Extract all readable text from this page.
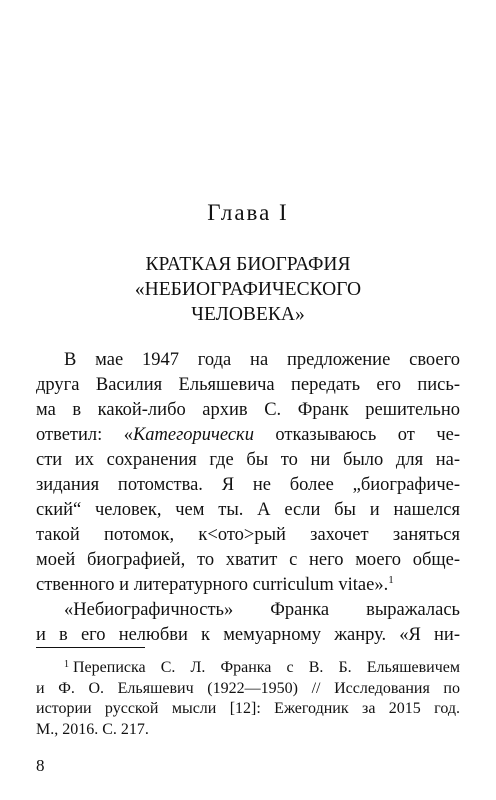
Глава I
КРАТКАЯ БИОГРАФИЯ
«НЕБИОГРАФИЧЕСКОГО
ЧЕЛОВЕКА»
В мае 1947 года на предложение своего
друга Василия Ельяшевича передать его пись-
ма в какой-либо архив С. Франк решительно
ответил: «Категорически отказываюсь от че-
сти их сохранения где бы то ни было для на-
зидания потомства. Я не более „биографиче-
ский“ человек, чем ты. А если бы и нашелся
такой потомок, к<ото>рый захочет заняться
моей биографией, то хватит с него моего обще-
ственного и литературного curriculum vitae».$^1$
«Небиографичность» Франка выражалась
и в его нелюбви к мемуарному жанру. «Я ни-
$^1$ Переписка С. Л. Франка с В. Б. Ельяшевичем
и Ф. О. Ельяшевич (1922—1950) // Исследования по
истории русской мысли [12]: Ежегодник за 2015 год.
М., 2016. С. 217.
8
